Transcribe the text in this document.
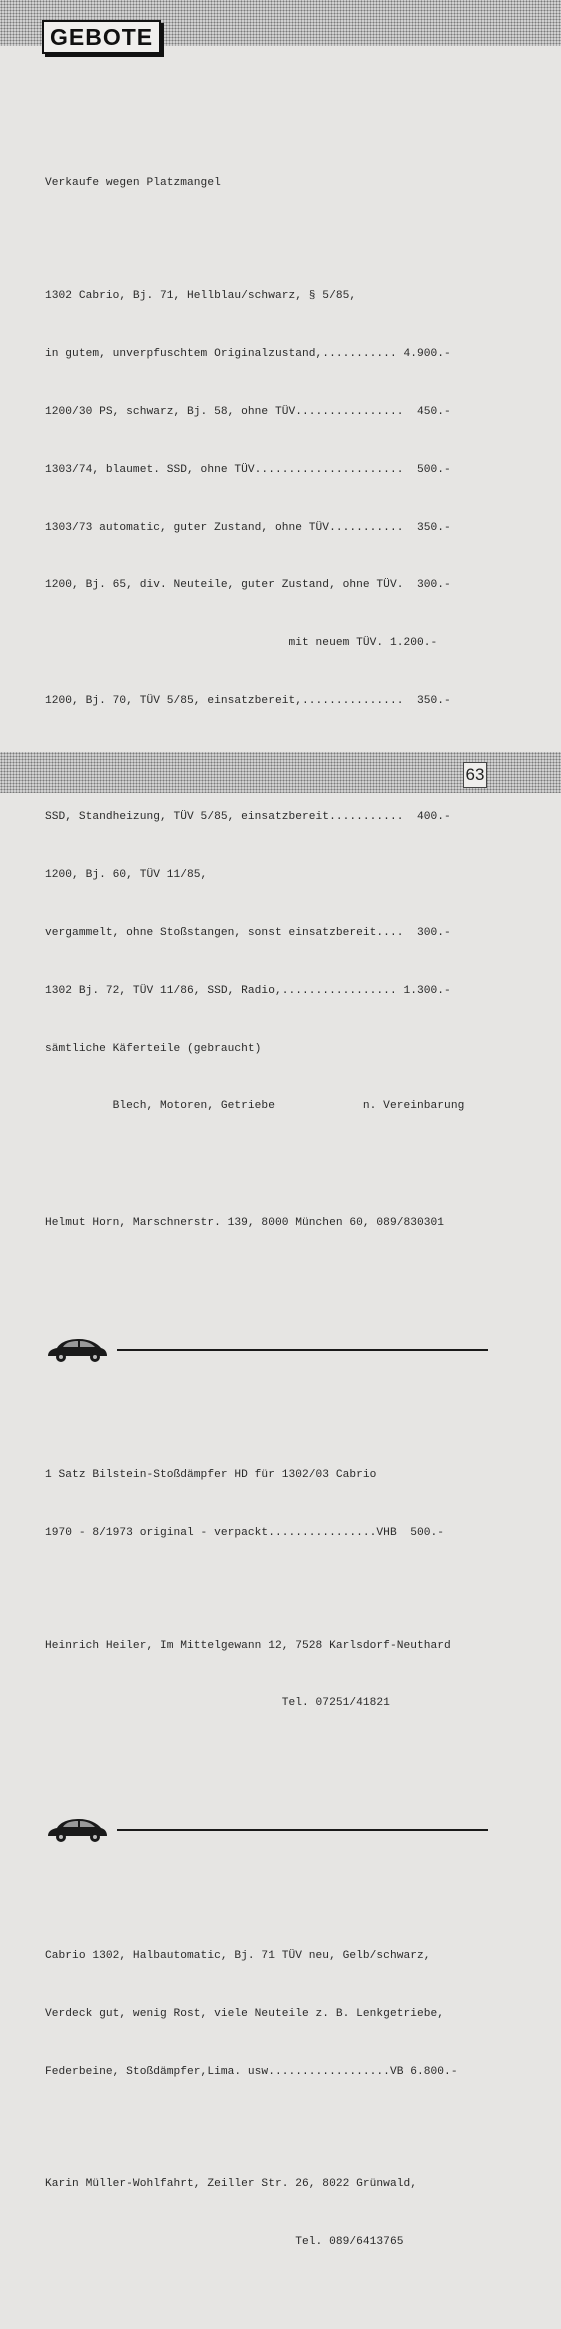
GEBOTE

Verkaufe wegen Platzmangel

1302 Cabrio, Bj. 71, Hellblau/schwarz, § 5/85,

in gutem, unverpfuschtem Originalzustand,........... 4.900.-

1200/30 PS, schwarz, Bj. 58, ohne TÜV................  450.-

1303/74, blaumet. SSD, ohne TÜV......................  500.-

1303/73 automatic, guter Zustand, ohne TÜV...........  350.-

1200, Bj. 65, div. Neuteile, guter Zustand, ohne TÜV.  300.-

mit neuem TÜV. 1.200.-

1200, Bj. 70, TÜV 5/85, einsatzbereit,...............  350.-

SSD, Standheizung, TÜV 5/85, einsatzbereit...........  400.-

1200, Bj. 60, TÜV 11/85,

vergammelt, ohne Stoßstangen, sonst einsatzbereit....  300.-

1302 Bj. 72, TÜV 11/86, SSD, Radio,................. 1.300.-

sämtliche Käferteile (gebraucht)

Blech, Motoren, Getriebe             n. Vereinbarung

Helmut Horn, Marschnerstr. 139, 8000 München 60, 089/830301

1 Satz Bilstein-Stoßdämpfer HD für 1302/03 Cabrio

1970 - 8/1973 original - verpackt................VHB  500.-

Heinrich Heiler, Im Mittelgewann 12, 7528 Karlsdorf-Neuthard

Tel. 07251/41821

Cabrio 1302, Halbautomatic, Bj. 71 TÜV neu, Gelb/schwarz,

Verdeck gut, wenig Rost, viele Neuteile z. B. Lenkgetriebe,

Federbeine, Stoßdämpfer,Lima. usw..................VB 6.800.-

Karin Müller-Wohlfahrt, Zeiller Str. 26, 8022 Grünwald,

Tel. 089/6413765

63
